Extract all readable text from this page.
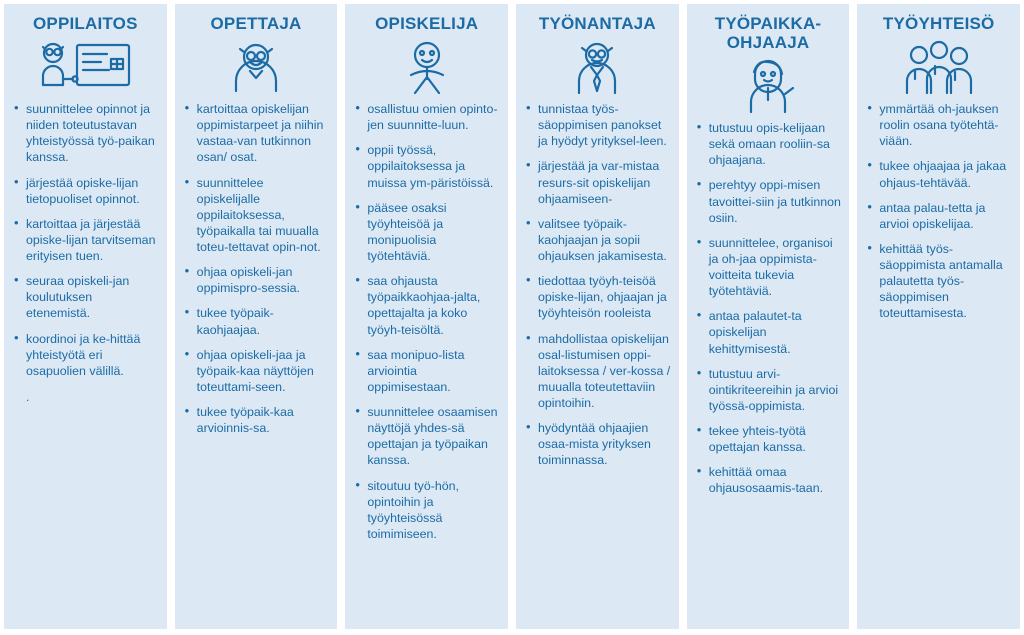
OPPILAITOS
• suunnittelee opinnot ja niiden toteutustavan yhteistyössä työ-paikan kanssa.
• järjestää opiske-lijan tietopuoliset opinnot.
• kartoittaa ja järjestää opiske-lijan tarvitseman erityisen tuen.
• seuraa opiskeli-jan koulutuksen etenemistä.
• koordinoi ja ke-hittää yhteistyötä eri osapuolien välillä.
.
OPETTAJA
• kartoittaa opiskelijan oppimistarpeet ja niihin vastaa-van tutkinnon osan/ osat.
• suunnittelee opiskelijalle oppilaitoksessa, työpaikalla tai muualla toteu-tettavat opin-not.
• ohjaa opiskeli-jan oppimispro-sessia.
• tukee työpaik-kaohjaajaa.
• ohjaa opiskeli-jaa ja työpaik-kaa näyttöjen toteuttami-seen.
• tukee työpaik-kaa arvioinnis-sa.
OPISKELIJA
• osallistuu omien opinto-jen suunnitte-luun.
• oppii työssä, oppilaitoksessa ja muissa ym-päristöissä.
• pääsee osaksi työyhteisöä ja monipuolisia työtehtäviä.
• saa ohjausta työpaikkaohjaa-jalta, opettajalta ja koko työyh-teisöltä.
• saa monipuo-lista arviointia oppimisestaan.
• suunnittelee osaamisen näyttöjä yhdes-sä opettajan ja työpaikan kanssa.
• sitoutuu työ-hön, opintoihin ja työyhteisössä toimimiseen.
TYÖNANTAJA
• tunnistaa työs-säoppimisen panokset ja hyödyt yrityksel-leen.
• järjestää ja var-mistaa resurs-sit opiskelijan ohjaamiseen-
• valitsee työpaik-kaohjaajan ja sopii ohjauksen jakamisesta.
• tiedottaa työyh-teisöä opiske-lijan, ohjaajan ja työyhteisön rooleista
• mahdollistaa opiskelijan osal-listumisen oppi-laitoksessa / ver-kossa / muualla toteutettaviin opintoihin.
• hyödyntää ohjaajien osaa-mista yrityksen toiminnassa.
TYÖPAIKKA-OHJAAJA
• tutustuu opis-kelijaan sekä omaan rooliin-sa ohjaajana.
• perehtyy oppi-misen tavoittei-siin ja tutkinnon osiin.
• suunnittelee, organisoi ja oh-jaa oppimista-voitteita tukevia työtehtäviä.
• antaa palautet-ta opiskelijan kehittymisestä.
• tutustuu arvi-ointikriteereihin ja arvioi työssä-oppimista.
• tekee yhteis-työtä opettajan kanssa.
• kehittää omaa ohjausosaamis-taan.
TYÖYHTEISÖ
• ymmärtää oh-jauksen roolin osana työtehtä-viään.
• tukee ohjaajaa ja jakaa ohjaus-tehtävää.
• antaa palau-tetta ja arvioi opiskelijaa.
• kehittää työs-säoppimista antamalla palautetta työs-säoppimisen toteuttamisesta.
